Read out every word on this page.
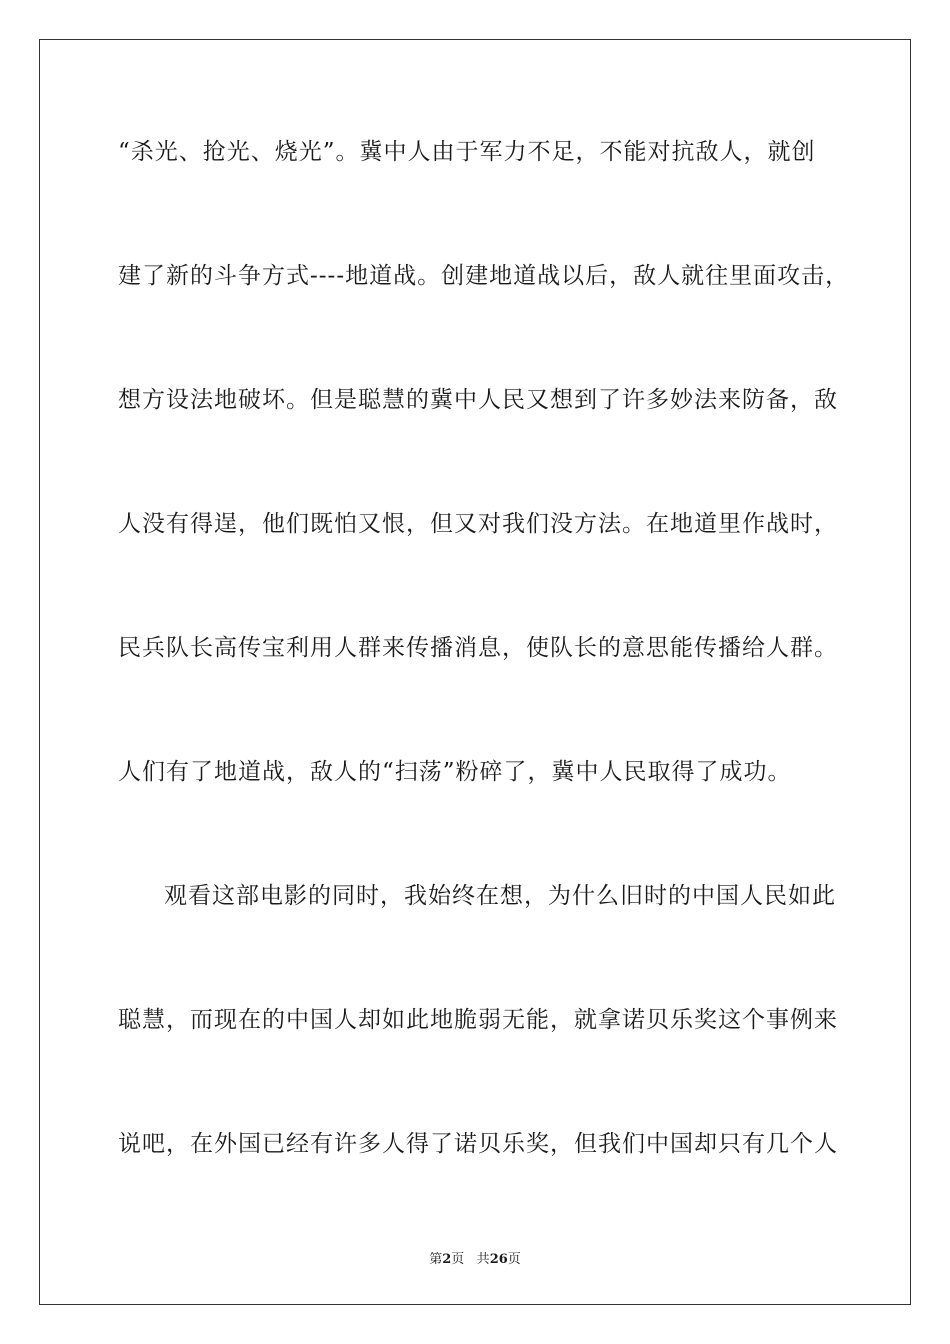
“杀光、抢光、烧光”。冀中人由于军力不足，不能对抗敌人，就创
建了新的斗争方式----地道战。创建地道战以后，敌人就往里面攻击，
想方设法地破坏。但是聪慧的冀中人民又想到了许多妙法来防备，敌
人没有得逞，他们既怕又恨，但又对我们没方法。在地道里作战时，
民兵队长高传宝利用人群来传播消息，使队长的意思能传播给人群。
人们有了地道战，敌人的“扫荡”粉碎了，冀中人民取得了成功。
观看这部电影的同时，我始终在想，为什么旧时的中国人民如此
聪慧，而现在的中国人却如此地脆弱无能，就拿诺贝乐奖这个事例来
说吧，在外国已经有许多人得了诺贝乐奖，但我们中国却只有几个人
第2页 共26页
